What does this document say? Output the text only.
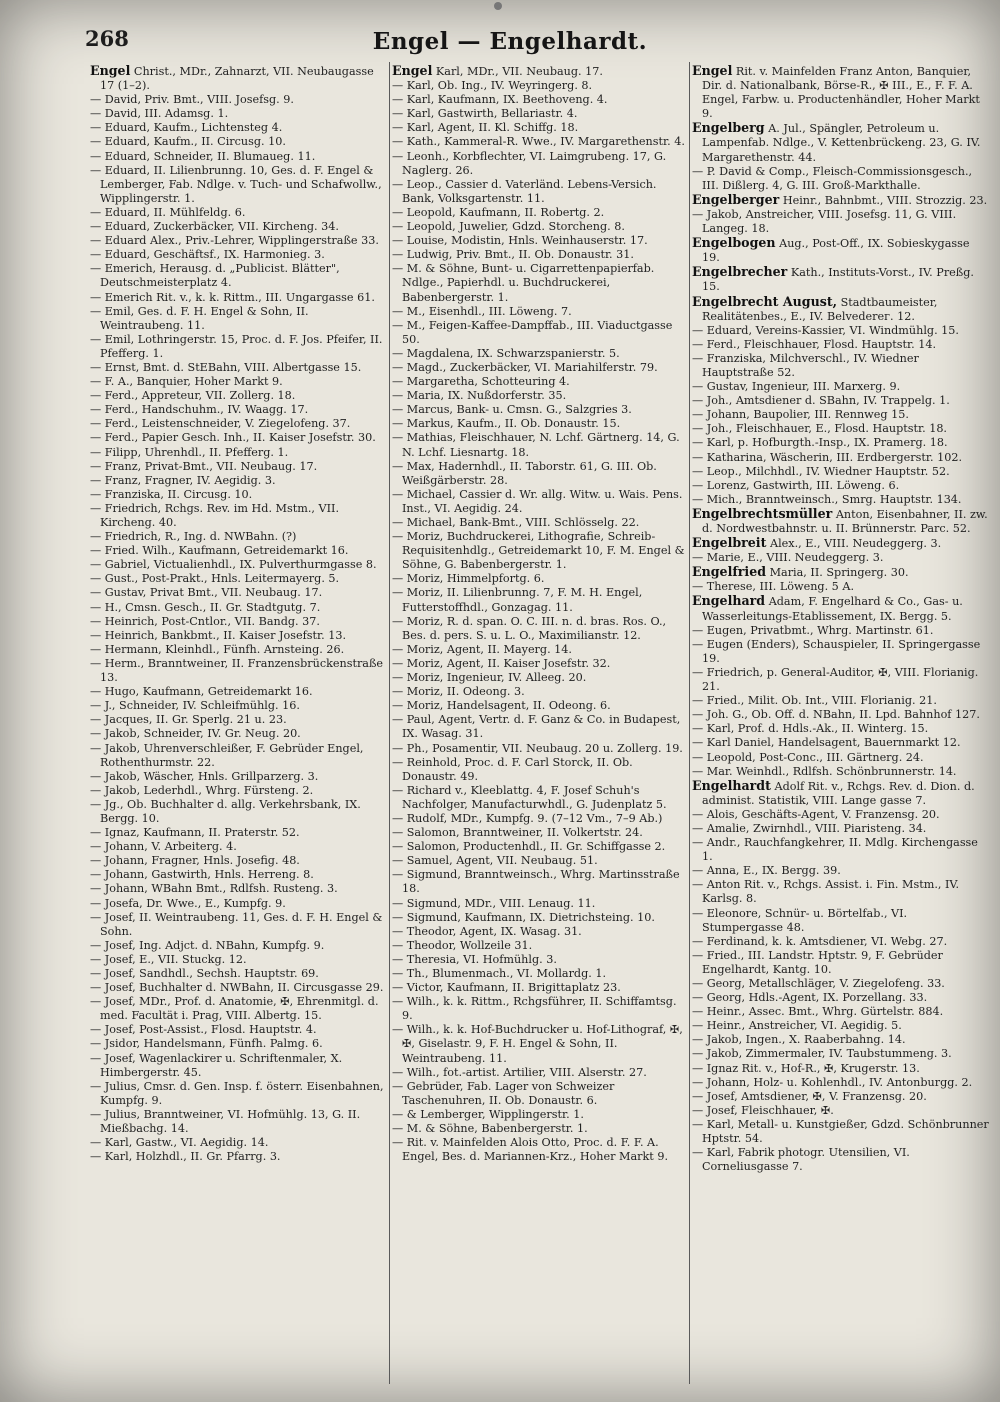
268	Engel — Engelhardt.

Engel Christ., MDr., Zahnarzt, VII. Neubaugasse 17 (1–2).

— David, Priv. Bmt., VIII. Josefsg. 9.

— David, III. Adamsg. 1.

— Eduard, Kaufm., Lichtensteg 4.

— Eduard, Kaufm., II. Circusg. 10.

— Eduard, Schneider, II. Blumaueg. 11.

— Eduard, II. Lilienbrunng. 10, Ges. d. F. Engel & Lemberger, Fab. Ndlge. v. Tuch- und Schafwollw., Wipplingerstr. 1.

— Eduard, II. Mühlfeldg. 6.

— Eduard, Zuckerbäcker, VII. Kircheng. 34.

— Eduard Alex., Priv.-Lehrer, Wipplingerstraße 33.

— Eduard, Geschäftsf., IX. Harmonieg. 3.

— Emerich, Herausg. d. „Publicist. Blätter", Deutschmeisterplatz 4.

— Emerich Rit. v., k. k. Rittm., III. Ungargasse 61.

— Emil, Ges. d. F. H. Engel & Sohn, II. Weintraubeng. 11.

— Emil, Lothringerstr. 15, Proc. d. F. Jos. Pfeifer, II. Pfefferg. 1.

— Ernst, Bmt. d. StEBahn, VIII. Albertgasse 15.

— F. A., Banquier, Hoher Markt 9.

— Ferd., Appreteur, VII. Zollerg. 18.

— Ferd., Handschuhm., IV. Waagg. 17.

— Ferd., Leistenschneider, V. Ziegelofeng. 37.

— Ferd., Papier Gesch. Inh., II. Kaiser Josefstr. 30.

— Filipp, Uhrenhdl., II. Pfefferg. 1.

— Franz, Privat-Bmt., VII. Neubaug. 17.

— Franz, Fragner, IV. Aegidig. 3.

— Franziska, II. Circusg. 10.

— Friedrich, Rchgs. Rev. im Hd. Mstm., VII. Kircheng. 40.

— Friedrich, R., Ing. d. NWBahn. (?)

— Fried. Wilh., Kaufmann, Getreidemarkt 16.

— Gabriel, Victualienhdl., IX. Pulverthurmgasse 8.

— Gust., Post-Prakt., Hnls. Leitermayerg. 5.

— Gustav, Privat Bmt., VII. Neubaug. 17.

— H., Cmsn. Gesch., II. Gr. Stadtgutg. 7.

— Heinrich, Post-Cntlor., VII. Bandg. 37.

— Heinrich, Bankbmt., II. Kaiser Josefstr. 13.

— Hermann, Kleinhdl., Fünfh. Arnsteing. 26.

— Herm., Branntweiner, II. Franzensbrückenstraße 13.

— Hugo, Kaufmann, Getreidemarkt 16.

— J., Schneider, IV. Schleifmühlg. 16.

— Jacques, II. Gr. Sperlg. 21 u. 23.

— Jakob, Schneider, IV. Gr. Neug. 20.

— Jakob, Uhrenverschleißer, F. Gebrüder Engel, Rothenthurmstr. 22.

— Jakob, Wäscher, Hnls. Grillparzerg. 3.

— Jakob, Lederhdl., Whrg. Fürsteng. 2.

— Jg., Ob. Buchhalter d. allg. Verkehrsbank, IX. Bergg. 10.

— Ignaz, Kaufmann, II. Praterstr. 52.

— Johann, V. Arbeiterg. 4.

— Johann, Fragner, Hnls. Josefig. 48.

— Johann, Gastwirth, Hnls. Herreng. 8.

— Johann, WBahn Bmt., Rdlfsh. Rusteng. 3.

— Josefa, Dr. Wwe., E., Kumpfg. 9.

— Josef, II. Weintraubeng. 11, Ges. d. F. H. Engel & Sohn.

— Josef, Ing. Adjct. d. NBahn, Kumpfg. 9.

— Josef, E., VII. Stuckg. 12.

— Josef, Sandhdl., Sechsh. Hauptstr. 69.

— Josef, Buchhalter d. NWBahn, II. Circusgasse 29.

— Josef, MDr., Prof. d. Anatomie, ✠, Ehrenmitgl. d. med. Facultät i. Prag, VIII. Albertg. 15.

— Josef, Post-Assist., Flosd. Hauptstr. 4.

— Jsidor, Handelsmann, Fünfh. Palmg. 6.

— Josef, Wagenlackirer u. Schriftenmaler, X. Himbergerstr. 45.

— Julius, Cmsr. d. Gen. Insp. f. österr. Eisenbahnen, Kumpfg. 9.

— Julius, Branntweiner, VI. Hofmühlg. 13, G. II. Mießbachg. 14.

— Karl, Gastw., VI. Aegidig. 14.

— Karl, Holzhdl., II. Gr. Pfarrg. 3.

Engel Karl, MDr., VII. Neubaug. 17.

— Karl, Ob. Ing., IV. Weyringerg. 8.

— Karl, Kaufmann, IX. Beethoveng. 4.

— Karl, Gastwirth, Bellariastr. 4.

— Karl, Agent, II. Kl. Schiffg. 18.

— Kath., Kammeral-R. Wwe., IV. Margarethenstr. 4.

— Leonh., Korbflechter, VI. Laimgrubeng. 17, G. Naglerg. 26.

— Leop., Cassier d. Vaterländ. Lebens-Versich. Bank, Volksgartenstr. 11.

— Leopold, Kaufmann, II. Robertg. 2.

— Leopold, Juwelier, Gdzd. Storcheng. 8.

— Louise, Modistin, Hnls. Weinhauserstr. 17.

— Ludwig, Priv. Bmt., II. Ob. Donaustr. 31.

— M. & Söhne, Bunt- u. Cigarrettenpapierfab. Ndlge., Papierhdl. u. Buchdruckerei, Babenbergerstr. 1.

— M., Eisenhdl., III. Löweng. 7.

— M., Feigen-Kaffee-Dampffab., III. Viaductgasse 50.

— Magdalena, IX. Schwarzspanierstr. 5.

— Magd., Zuckerbäcker, VI. Mariahilferstr. 79.

— Margaretha, Schotteuring 4.

— Maria, IX. Nußdorferstr. 35.

— Marcus, Bank- u. Cmsn. G., Salzgries 3.

— Markus, Kaufm., II. Ob. Donaustr. 15.

— Mathias, Fleischhauer, N. Lchf. Gärtnerg. 14, G. N. Lchf. Liesnartg. 18.

— Max, Hadernhdl., II. Taborstr. 61, G. III. Ob. Weißgärberstr. 28.

— Michael, Cassier d. Wr. allg. Witw. u. Wais. Pens. Inst., VI. Aegidig. 24.

— Michael, Bank-Bmt., VIII. Schlösselg. 22.

— Moriz, Buchdruckerei, Lithografie, Schreib-Requisitenhdlg., Getreidemarkt 10, F. M. Engel & Söhne, G. Babenbergerstr. 1.

— Moriz, Himmelpfortg. 6.

— Moriz, II. Lilienbrunng. 7, F. M. H. Engel, Futterstoffhdl., Gonzagag. 11.

— Moriz, R. d. span. O. C. III. n. d. bras. Ros. O., Bes. d. pers. S. u. L. O., Maximilianstr. 12.

— Moriz, Agent, II. Mayerg. 14.

— Moriz, Agent, II. Kaiser Josefstr. 32.

— Moriz, Ingenieur, IV. Alleeg. 20.

— Moriz, II. Odeong. 3.

— Moriz, Handelsagent, II. Odeong. 6.

— Paul, Agent, Vertr. d. F. Ganz & Co. in Budapest, IX. Wasag. 31.

— Ph., Posamentir, VII. Neubaug. 20 u. Zollerg. 19.

— Reinhold, Proc. d. F. Carl Storck, II. Ob. Donaustr. 49.

— Richard v., Kleeblattg. 4, F. Josef Schuh's Nachfolger, Manufacturwhdl., G. Judenplatz 5.

— Rudolf, MDr., Kumpfg. 9. (7–12 Vm., 7–9 Ab.)

— Salomon, Branntweiner, II. Volkertstr. 24.

— Salomon, Productenhdl., II. Gr. Schiffgasse 2.

— Samuel, Agent, VII. Neubaug. 51.

— Sigmund, Branntweinsch., Whrg. Martinsstraße 18.

— Sigmund, MDr., VIII. Lenaug. 11.

— Sigmund, Kaufmann, IX. Dietrichsteing. 10.

— Theodor, Agent, IX. Wasag. 31.

— Theodor, Wollzeile 31.

— Theresia, VI. Hofmühlg. 3.

— Th., Blumenmach., VI. Mollardg. 1.

— Victor, Kaufmann, II. Brigittaplatz 23.

— Wilh., k. k. Rittm., Rchgsführer, II. Schiffamtsg. 9.

— Wilh., k. k. Hof-Buchdrucker u. Hof-Lithograf, ✠, ✠, Giselastr. 9, F. H. Engel & Sohn, II. Weintraubeng. 11.

— Wilh., fot.-artist. Artilier, VIII. Alserstr. 27.

— Gebrüder, Fab. Lager von Schweizer Taschenuhren, II. Ob. Donaustr. 6.

— & Lemberger, Wipplingerstr. 1.

— M. & Söhne, Babenbergerstr. 1.

— Rit. v. Mainfelden Alois Otto, Proc. d. F. F. A. Engel, Bes. d. Mariannen-Krz., Hoher Markt 9.

Engel Rit. v. Mainfelden Franz Anton, Banquier, Dir. d. Nationalbank, Börse-R., ✠ III., E., F. F. A. Engel, Farbw. u. Productenhändler, Hoher Markt 9.

Engelberg A. Jul., Spängler, Petroleum u. Lampenfab. Ndlge., V. Kettenbrückeng. 23, G. IV. Margarethenstr. 44.

— P. David & Comp., Fleisch-Commissionsgesch., III. Dißlerg. 4, G. III. Groß-Markthalle.

Engelberger Heinr., Bahnbmt., VIII. Strozzig. 23.

— Jakob, Anstreicher, VIII. Josefsg. 11, G. VIII. Langeg. 18.

Engelbogen Aug., Post-Off., IX. Sobieskygasse 19.

Engelbrecher Kath., Instituts-Vorst., IV. Preßg. 15.

Engelbrecht August, Stadtbaumeister, Realitätenbes., E., IV. Belvederег. 12.

— Eduard, Vereins-Kassier, VI. Windmühlg. 15.

— Ferd., Fleischhauer, Flosd. Hauptstr. 14.

— Franziska, Milchverschl., IV. Wiedner Hauptstraße 52.

— Gustav, Ingenieur, III. Marxerg. 9.

— Joh., Amtsdiener d. SBahn, IV. Trappelg. 1.

— Johann, Baupolier, III. Rennweg 15.

— Joh., Fleischhauer, E., Flosd. Hauptstr. 18.

— Karl, p. Hofburgth.-Insp., IX. Pramerg. 18.

— Katharina, Wäscherin, III. Erdbergerstr. 102.

— Leop., Milchhdl., IV. Wiedner Hauptstr. 52.

— Lorenz, Gastwirth, III. Löweng. 6.

— Mich., Branntweinsch., Smrg. Hauptstr. 134.

Engelbrechtsmüller Anton, Eisenbahner, II. zw. d. Nordwestbahnstr. u. II. Brünnerstr. Parc. 52.

Engelbreit Alex., E., VIII. Neudeggerg. 3.

— Marie, E., VIII. Neudeggerg. 3.

Engelfried Maria, II. Springerg. 30.

— Therese, III. Löweng. 5 A.

Engelhard Adam, F. Engelhard & Co., Gas- u. Wasserleitungs-Etablissement, IX. Bergg. 5.

— Eugen, Privatbmt., Whrg. Martinstr. 61.

— Eugen (Enders), Schauspieler, II. Springergasse 19.

— Friedrich, p. General-Auditor, ✠, VIII. Florianig. 21.

— Fried., Milit. Ob. Int., VIII. Florianig. 21.

— Joh. G., Ob. Off. d. NBahn, II. Lpd. Bahnhof 127.

— Karl, Prof. d. Hdls.-Ak., II. Winterg. 15.

— Karl Daniel, Handelsagent, Bauernmarkt 12.

— Leopold, Post-Conc., III. Gärtnerg. 24.

— Mar. Weinhdl., Rdlfsh. Schönbrunnerstr. 14.

Engelhardt Adolf Rit. v., Rchgs. Rev. d. Dion. d. administ. Statistik, VIII. Lange gasse 7.

— Alois, Geschäfts-Agent, V. Franzensg. 20.

— Amalie, Zwirnhdl., VIII. Piaristeng. 34.

— Andr., Rauchfangkehrer, II. Mdlg. Kirchengasse 1.

— Anna, E., IX. Bergg. 39.

— Anton Rit. v., Rchgs. Assist. i. Fin. Mstm., IV. Karlsg. 8.

— Eleonore, Schnür- u. Börtelfab., VI. Stumpergasse 48.

— Ferdinand, k. k. Amtsdiener, VI. Webg. 27.

— Fried., III. Landstr. Hptstr. 9, F. Gebrüder Engelhardt, Kantg. 10.

— Georg, Metallschläger, V. Ziegelofeng. 33.

— Georg, Hdls.-Agent, IX. Porzellang. 33.

— Heinr., Assec. Bmt., Whrg. Gürtelstr. 884.

— Heinr., Anstreicher, VI. Aegidig. 5.

— Jakob, Ingen., X. Raaberbahng. 14.

— Jakob, Zimmermaler, IV. Taubstummeng. 3.

— Ignaz Rit. v., Hof-R., ✠, Krugerstr. 13.

— Johann, Holz- u. Kohlenhdl., IV. Antonburgg. 2.

— Josef, Amtsdiener, ✠, V. Franzensg. 20.

— Josef, Fleischhauer, ✠.

— Karl, Metall- u. Kunstgießer, Gdzd. Schönbrunner Hptstr. 54.

— Karl, Fabrik photogr. Utensilien, VI. Corneliusgasse 7.
